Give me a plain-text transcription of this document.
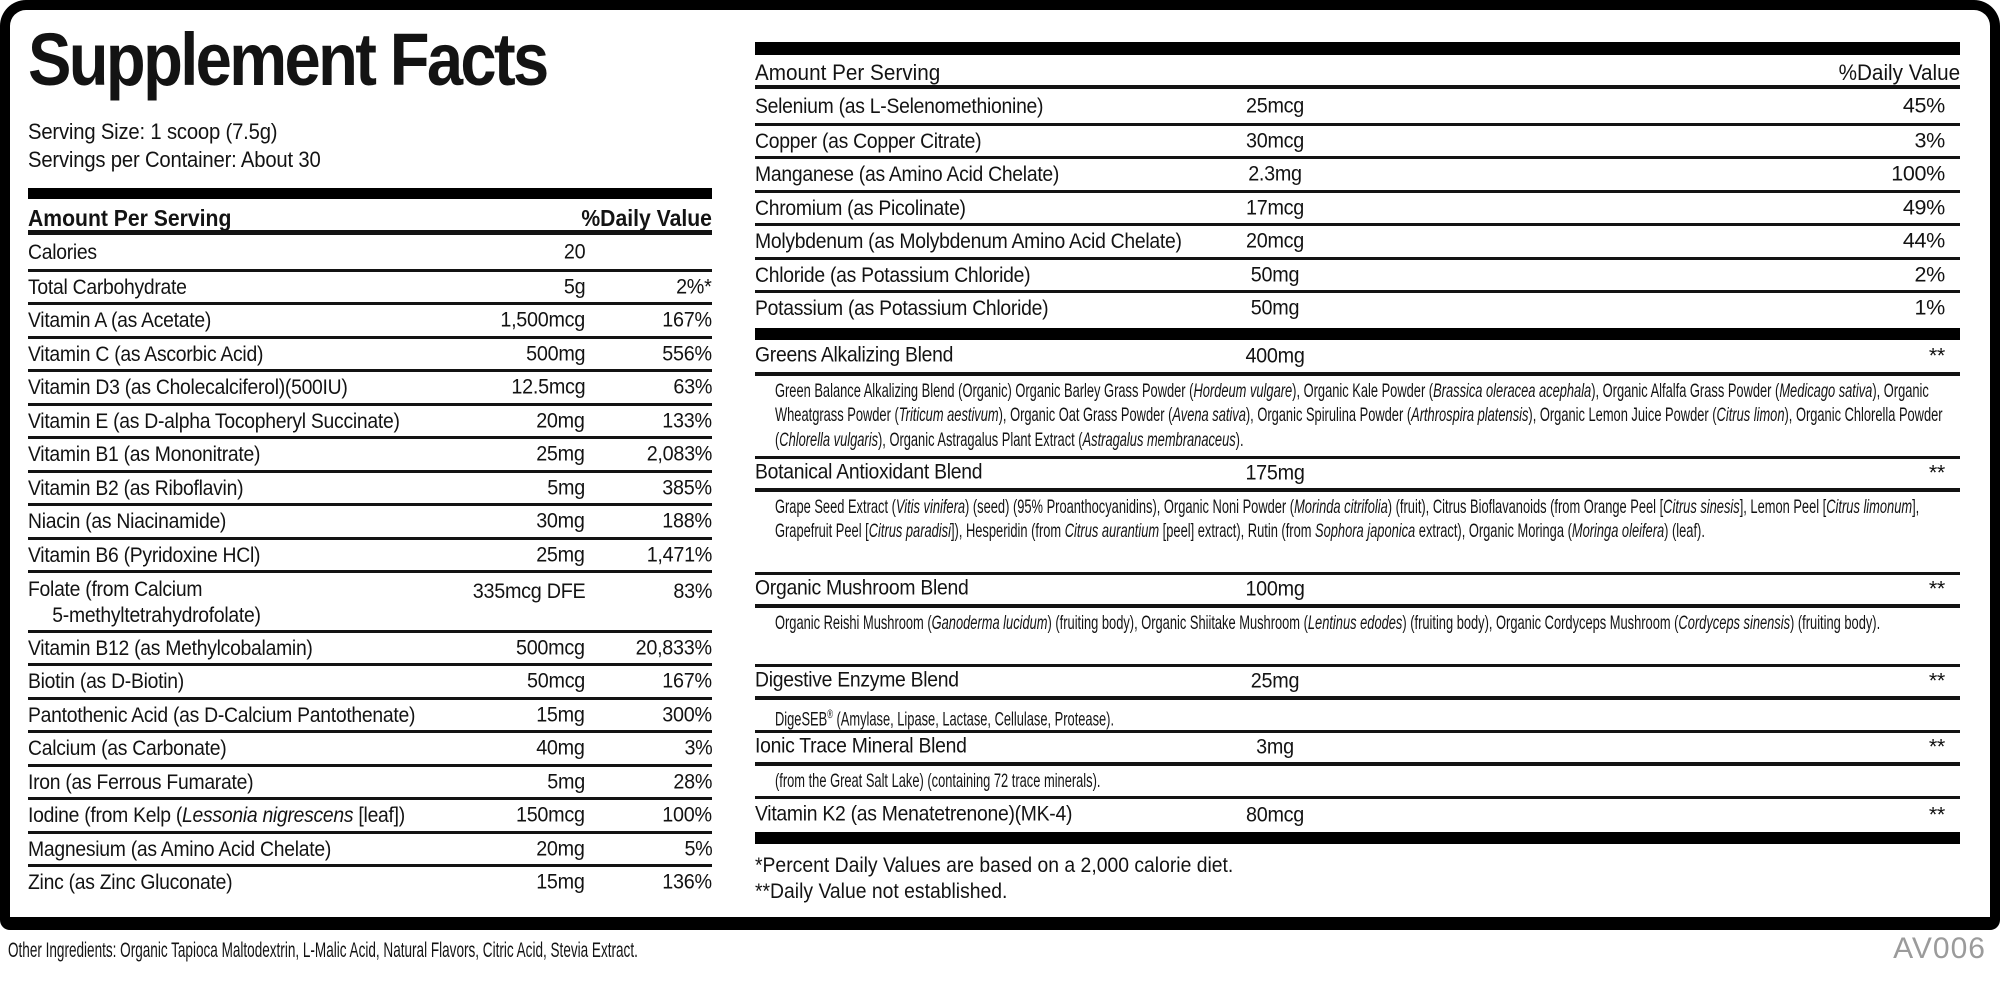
Supplement Facts
Serving Size: 1 scoop (7.5g)
Servings per Container: About 30
Amount Per Serving	%Daily Value
Calories	20
Total Carbohydrate	5g	2%*
Vitamin A (as Acetate)	1,500mcg	167%
Vitamin C (as Ascorbic Acid)	500mg	556%
Vitamin D3 (as Cholecalciferol)(500IU)	12.5mcg	63%
Vitamin E (as D-alpha Tocopheryl Succinate)	20mg	133%
Vitamin B1 (as Mononitrate)	25mg	2,083%
Vitamin B2 (as Riboflavin)	5mg	385%
Niacin (as Niacinamide)	30mg	188%
Vitamin B6 (Pyridoxine HCl)	25mg	1,471%
Folate (from Calcium
5-methyltetrahydrofolate)
335mcg DFE	83%
Vitamin B12 (as Methylcobalamin)	500mcg 20,833%
Biotin (as D-Biotin)	50mcg	167%
Pantothenic Acid (as D-Calcium Pantothenate)	15mg	300%
Calcium (as Carbonate)	40mg	3%
Iron (as Ferrous Fumarate)	5mg	28%
Iodine (from Kelp (Lessonia nigrescens [leaf])	150mcg	100%
Magnesium (as Amino Acid Chelate)	20mg	5%
Zinc (as Zinc Gluconate)	15mg	136%
Amount Per Serving	%Daily Value
Selenium (as L-Selenomethionine)	25mcg	45%
Copper (as Copper Citrate)	30mcg	3%
Manganese (as Amino Acid Chelate)	2.3mg	100%
Chromium (as Picolinate)	17mcg	49%
Molybdenum (as Molybdenum Amino Acid Chelate)	20mcg	44%
Chloride (as Potassium Chloride)	50mg	2%
Potassium (as Potassium Chloride)	50mg	1%
Greens Alkalizing Blend	400mg	**
Green Balance Alkalizing Blend (Organic) Organic Barley Grass Powder (Hordeum vulgare), Organic Kale Powder (Brassica oleracea acephala), Organic Alfalfa Grass Powder (Medicago sativa), Organic Wheatgrass Powder (Triticum aestivum), Organic Oat Grass Powder (Avena sativa), Organic Spirulina Powder (Arthrospira platensis), Organic Lemon Juice Powder (Citrus limon), Organic Chlorella Powder (Chlorella vulgaris), Organic Astragalus Plant Extract (Astragalus membranaceus).
Botanical Antioxidant Blend	175mg	**
Grape Seed Extract (Vitis vinifera) (seed) (95% Proanthocyanidins), Organic Noni Powder (Morinda citrifolia) (fruit), Citrus Bioflavanoids (from Orange Peel [Citrus sinesis], Lemon Peel [Citrus limonum], Grapefruit Peel [Citrus paradisi]), Hesperidin (from Citrus aurantium [peel] extract), Rutin (from Sophora japonica extract), Organic Moringa (Moringa oleifera) (leaf).
Organic Mushroom Blend	100mg	**
Organic Reishi Mushroom (Ganoderma lucidum) (fruiting body), Organic Shiitake Mushroom (Lentinus edodes) (fruiting body), Organic Cordyceps Mushroom (Cordyceps sinensis) (fruiting body).
Digestive Enzyme Blend	25mg	**
DigeSEB® (Amylase, Lipase, Lactase, Cellulase, Protease).
Ionic Trace Mineral Blend	3mg	**
(from the Great Salt Lake) (containing 72 trace minerals).
Vitamin K2 (as Menatetrenone)(MK-4)	80mcg	**
*Percent Daily Values are based on a 2,000 calorie diet.
**Daily Value not established.
Other Ingredients: Organic Tapioca Maltodextrin, L-Malic Acid, Natural Flavors, Citric Acid, Stevia Extract.	AV006
